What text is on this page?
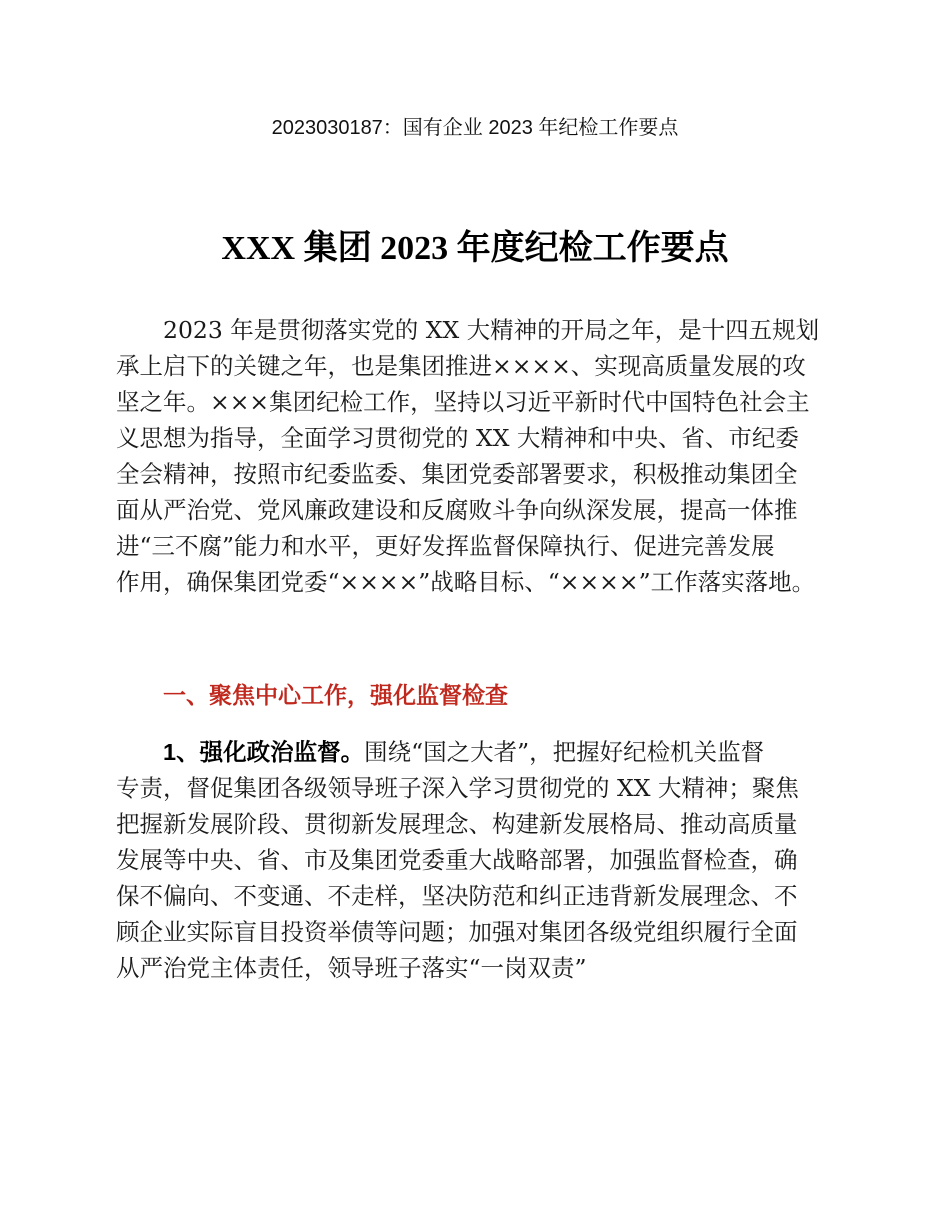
2023030187：国有企业 2023 年纪检工作要点
XXX 集团 2023 年度纪检工作要点
2023 年是贯彻落实党的 XX 大精神的开局之年，是十四五规划
承上启下的关键之年，也是集团推进××××、实现高质量发展的攻
坚之年。×××集团纪检工作，坚持以习近平新时代中国特色社会主
义思想为指导，全面学习贯彻党的 XX 大精神和中央、省、市纪委
全会精神，按照市纪委监委、集团党委部署要求，积极推动集团全
面从严治党、党风廉政建设和反腐败斗争向纵深发展，提高一体推
进“三不腐”能力和水平，更好发挥监督保障执行、促进完善发展
作用，确保集团党委“××××”战略目标、“××××”工作落实落地。
一、聚焦中心工作，强化监督检查
1、强化政治监督。围绕“国之大者”，把握好纪检机关监督
专责，督促集团各级领导班子深入学习贯彻党的 XX 大精神；聚焦
把握新发展阶段、贯彻新发展理念、构建新发展格局、推动高质量
发展等中央、省、市及集团党委重大战略部署，加强监督检查，确
保不偏向、不变通、不走样，坚决防范和纠正违背新发展理念、不
顾企业实际盲目投资举债等问题；加强对集团各级党组织履行全面
从严治党主体责任，领导班子落实“一岗双责”
